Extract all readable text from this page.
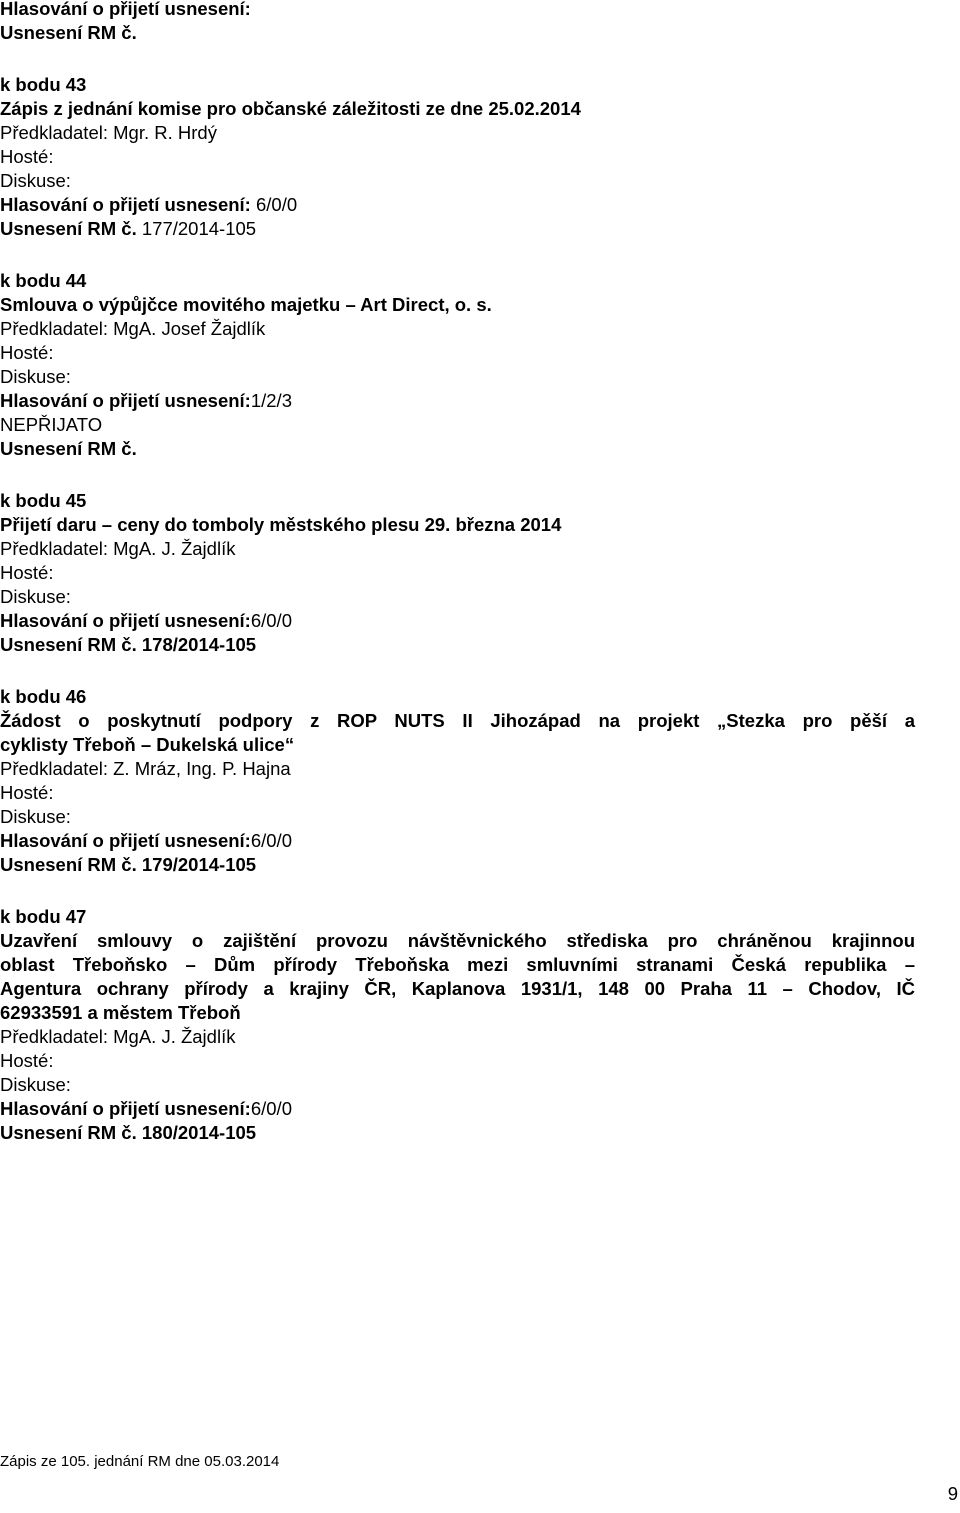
Hlasování o přijetí usnesení:
Usnesení RM č.
k bodu 43
Zápis z jednání komise pro občanské záležitosti ze dne 25.02.2014
Předkladatel: Mgr. R. Hrdý
Hosté:
Diskuse:
Hlasování o přijetí usnesení: 6/0/0
Usnesení RM č. 177/2014-105
k bodu 44
Smlouva o výpůjčce movitého majetku – Art Direct, o. s.
Předkladatel: MgA. Josef Žajdlík
Hosté:
Diskuse:
Hlasování o přijetí usnesení:1/2/3
NEPŘIJATO
Usnesení RM č.
k bodu 45
Přijetí daru – ceny do tomboly městského plesu 29. března 2014
Předkladatel: MgA. J. Žajdlík
Hosté:
Diskuse:
Hlasování o přijetí usnesení:6/0/0
Usnesení RM č. 178/2014-105
k bodu 46
Žádost o poskytnutí podpory z ROP NUTS II Jihozápad na projekt „Stezka pro pěší a
cyklisty Třeboň – Dukelská ulice“
Předkladatel: Z. Mráz, Ing. P. Hajna
Hosté:
Diskuse:
Hlasování o přijetí usnesení:6/0/0
Usnesení RM č. 179/2014-105
k bodu 47
Uzavření smlouvy o zajištění provozu návštěvnického střediska pro chráněnou krajinnou
oblast Třeboňsko – Dům přírody Třeboňska mezi smluvními stranami Česká republika –
Agentura ochrany přírody a krajiny ČR, Kaplanova 1931/1, 148 00 Praha 11 – Chodov, IČ
62933591 a městem Třeboň
Předkladatel: MgA. J. Žajdlík
Hosté:
Diskuse:
Hlasování o přijetí usnesení:6/0/0
Usnesení RM č. 180/2014-105
Zápis ze 105. jednání RM dne 05.03.2014
9
